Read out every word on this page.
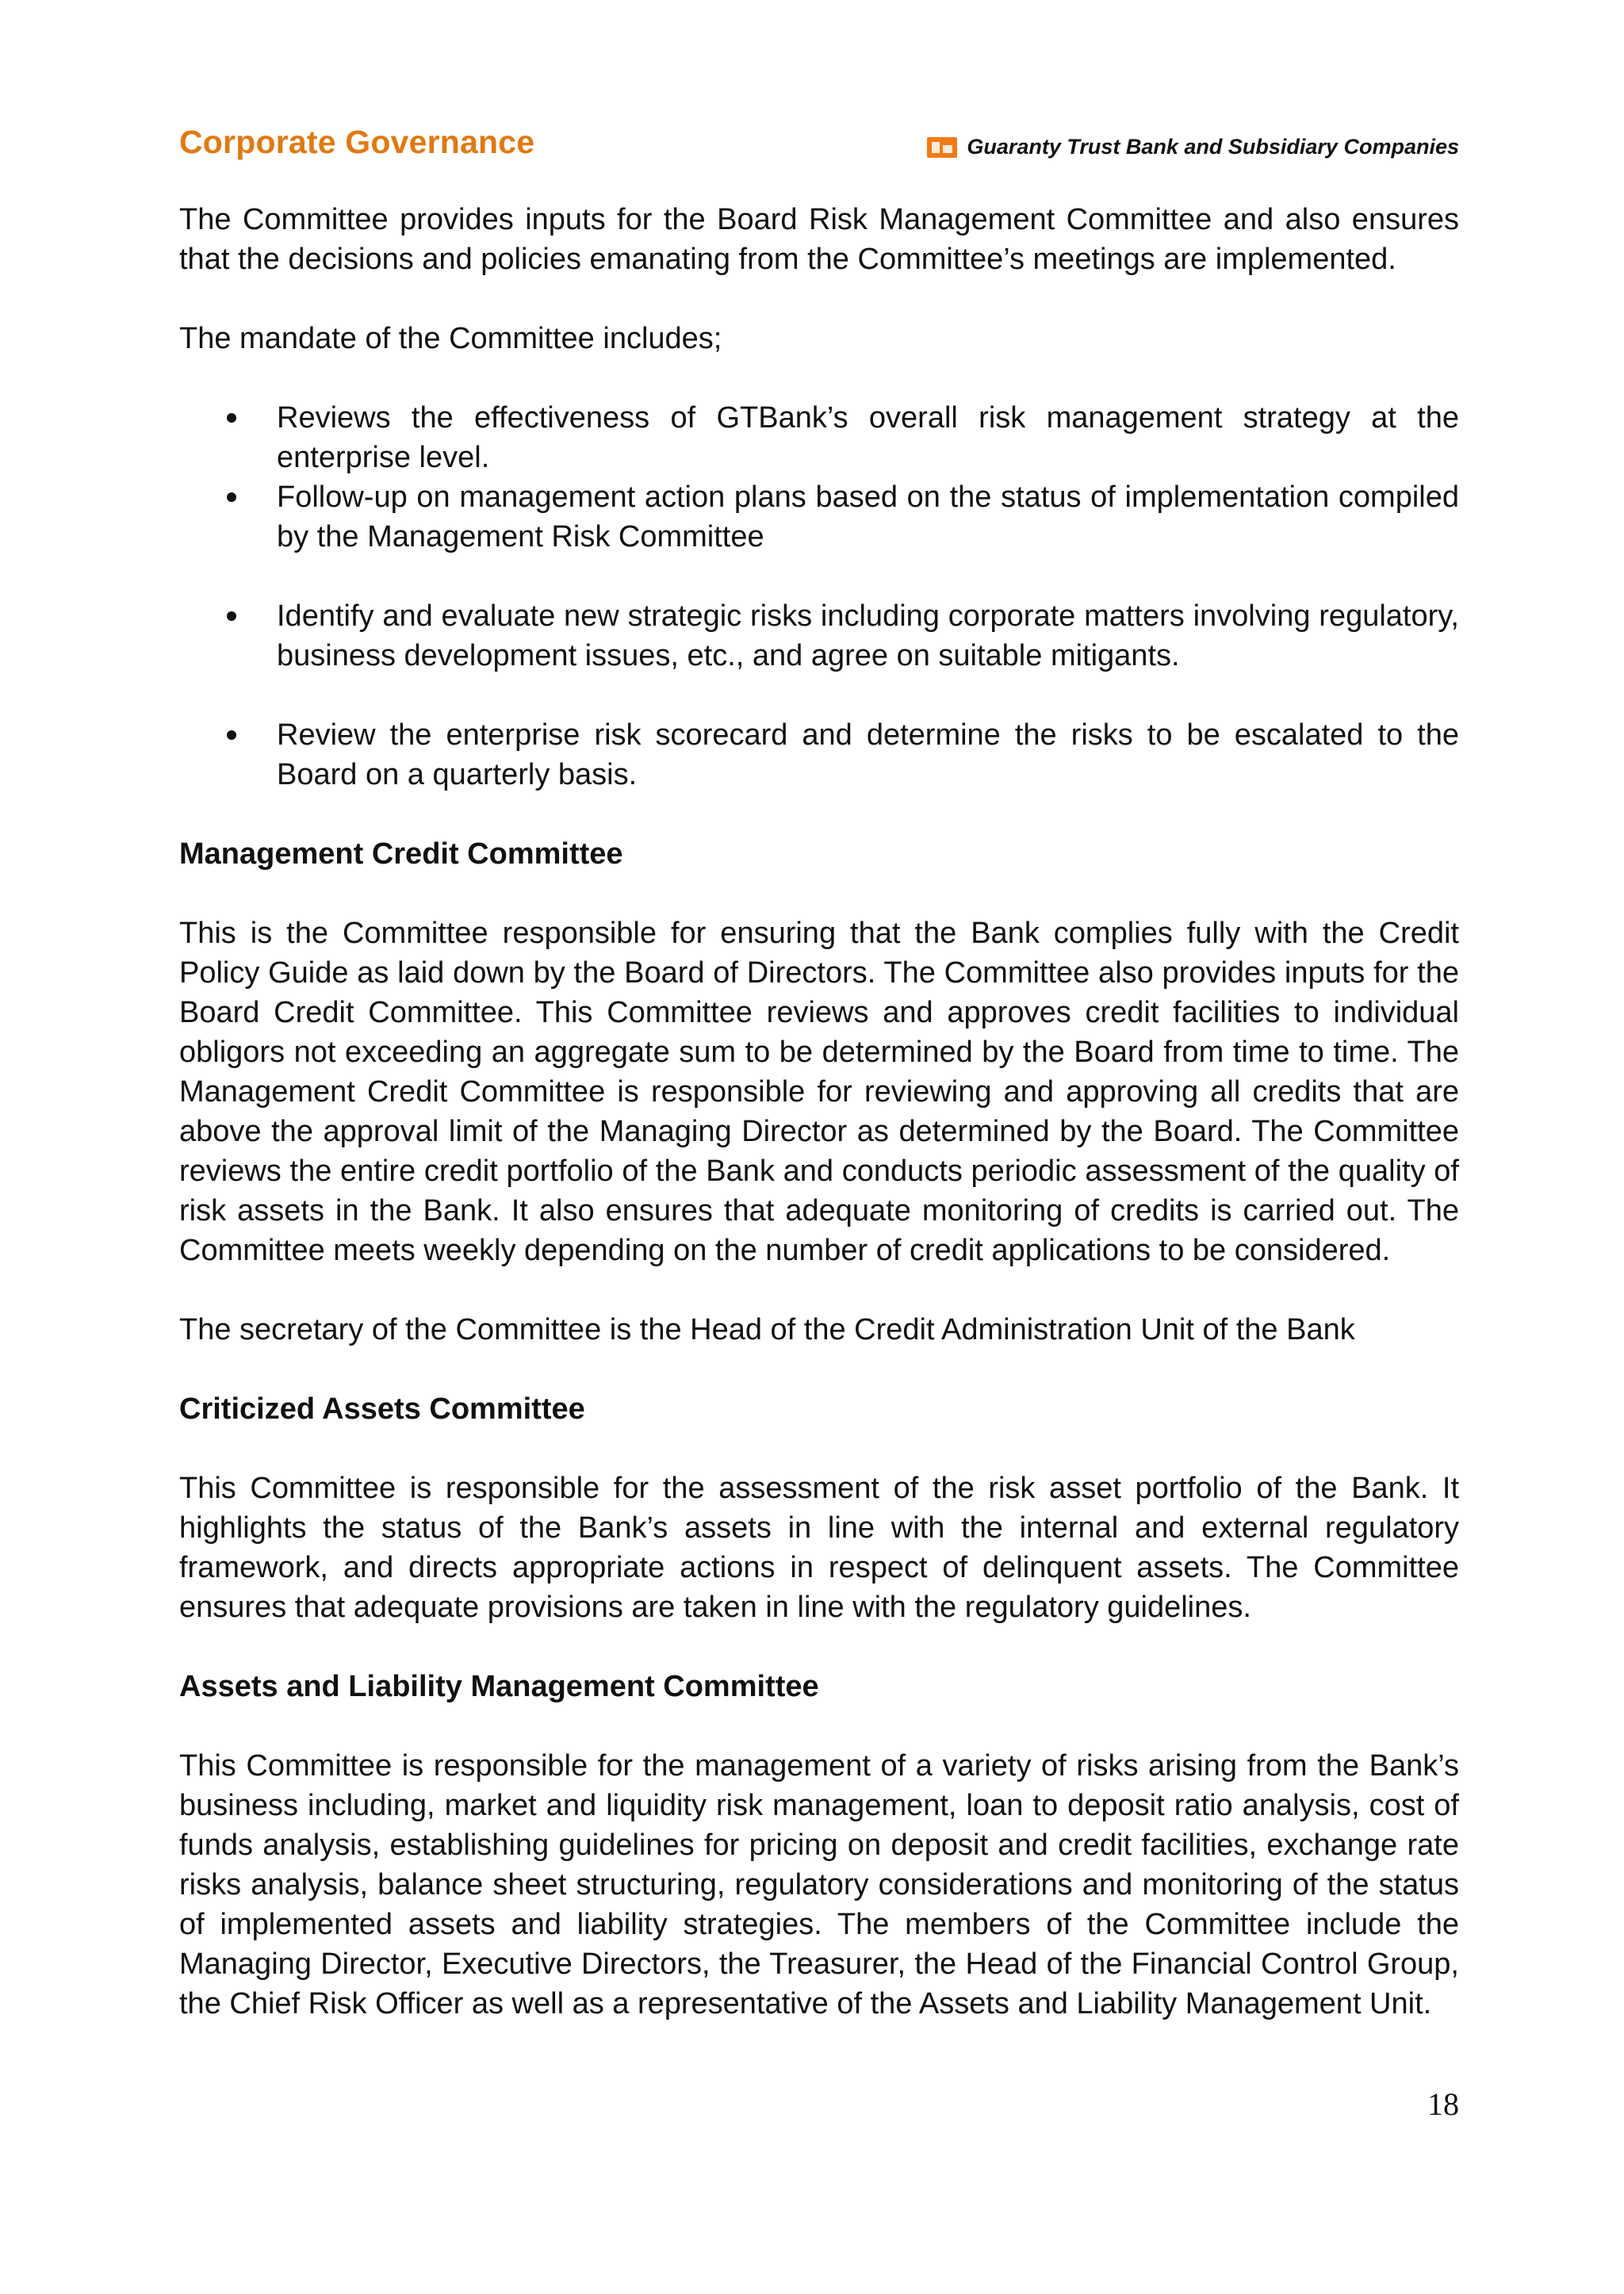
Corporate Governance	Guaranty Trust Bank and Subsidiary Companies

The Committee provides inputs for the Board Risk Management Committee and also ensures that the decisions and policies emanating from the Committee’s meetings are implemented.

The mandate of the Committee includes;

Reviews the effectiveness of GTBank’s overall risk management strategy at the enterprise level.
Follow-up on management action plans based on the status of implementation compiled by the Management Risk Committee
Identify and evaluate new strategic risks including corporate matters involving regulatory, business development issues, etc., and agree on suitable mitigants.
Review the enterprise risk scorecard and determine the risks to be escalated to the Board on a quarterly basis.
Management Credit Committee

This is the Committee responsible for ensuring that the Bank complies fully with the Credit Policy Guide as laid down by the Board of Directors. The Committee also provides inputs for the Board Credit Committee. This Committee reviews and approves credit facilities to individual obligors not exceeding an aggregate sum to be determined by the Board from time to time. The Management Credit Committee is responsible for reviewing and approving all credits that are above the approval limit of the Managing Director as determined by the Board. The Committee reviews the entire credit portfolio of the Bank and conducts periodic assessment of the quality of risk assets in the Bank. It also ensures that adequate monitoring of credits is carried out. The Committee meets weekly depending on the number of credit applications to be considered.

The secretary of the Committee is the Head of the Credit Administration Unit of the Bank

Criticized Assets Committee

This Committee is responsible for the assessment of the risk asset portfolio of the Bank. It highlights the status of the Bank’s assets in line with the internal and external regulatory framework, and directs appropriate actions in respect of delinquent assets. The Committee ensures that adequate provisions are taken in line with the regulatory guidelines.

Assets and Liability Management Committee

This Committee is responsible for the management of a variety of risks arising from the Bank’s business including, market and liquidity risk management, loan to deposit ratio analysis, cost of funds analysis, establishing guidelines for pricing on deposit and credit facilities, exchange rate risks analysis, balance sheet structuring, regulatory considerations and monitoring of the status of implemented assets and liability strategies. The members of the Committee include the Managing Director, Executive Directors, the Treasurer, the Head of the Financial Control Group, the Chief Risk Officer as well as a representative of the Assets and Liability Management Unit.

18
